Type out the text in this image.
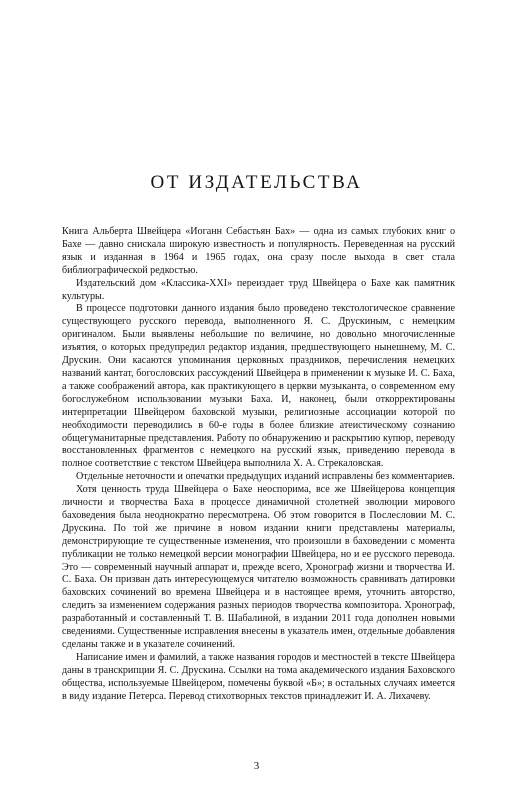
ОТ ИЗДАТЕЛЬСТВА

Книга Альберта Швейцера «Иоганн Себастьян Бах» — одна из самых глубоких книг о Бахе — давно снискала широкую известность и популярность. Переведенная на русский язык и изданная в 1964 и 1965 годах, она сразу после выхода в свет стала библиографической редкостью.

Издательский дом «Классика-XXI» переиздает труд Швейцера о Бахе как памятник культуры.

В процессе подготовки данного издания было проведено текстологическое сравнение существующего русского перевода, выполненного Я. С. Друскиным, с немецким оригиналом. Были выявлены небольшие по величине, но довольно многочисленные изъятия, о которых предупредил редактор издания, предшествующего нынешнему, М. С. Друскин. Они касаются упоминания церковных праздников, перечисления немецких названий кантат, богословских рассуждений Швейцера в применении к музыке И. С. Баха, а также соображений автора, как практикующего в церкви музыканта, о современном ему богослужебном использовании музыки Баха. И, наконец, были откорректированы интерпретации Швейцером баховской музыки, религиозные ассоциации которой по необходимости переводились в 60-е годы в более близкие атеистическому сознанию общегуманитарные представления. Работу по обнаружению и раскрытию купюр, переводу восстановленных фрагментов с немецкого на русский язык, приведению перевода в полное соответствие с текстом Швейцера выполнила Х. А. Стрекаловская.

Отдельные неточности и опечатки предыдущих изданий исправлены без комментариев.

Хотя ценность труда Швейцера о Бахе неоспорима, все же Швейцерова концепция личности и творчества Баха в процессе динамичной столетней эволюции мирового баховедения была неоднократно пересмотрена. Об этом говорится в Послесловии М. С. Друскина. По той же причине в новом издании книги представлены материалы, демонстрирующие те существенные изменения, что произошли в баховедении с момента публикации не только немецкой версии монографии Швейцера, но и ее русского перевода. Это — современный научный аппарат и, прежде всего, Хронограф жизни и творчества И. С. Баха. Он призван дать интересующемуся читателю возможность сравнивать датировки баховских сочинений во времена Швейцера и в настоящее время, уточнить авторство, следить за изменением содержания разных периодов творчества композитора. Хронограф, разработанный и составленный Т. В. Шабалиной, в издании 2011 года дополнен новыми сведениями. Существенные исправления внесены в указатель имен, отдельные добавления сделаны также и в указателе сочинений.

Написание имен и фамилий, а также названия городов и местностей в тексте Швейцера даны в транскрипции Я. С. Друскина. Ссылки на тома академического издания Баховского общества, используемые Швейцером, помечены буквой «Б»; в остальных случаях имеется в виду издание Петерса. Перевод стихотворных текстов принадлежит И. А. Лихачеву.

3
